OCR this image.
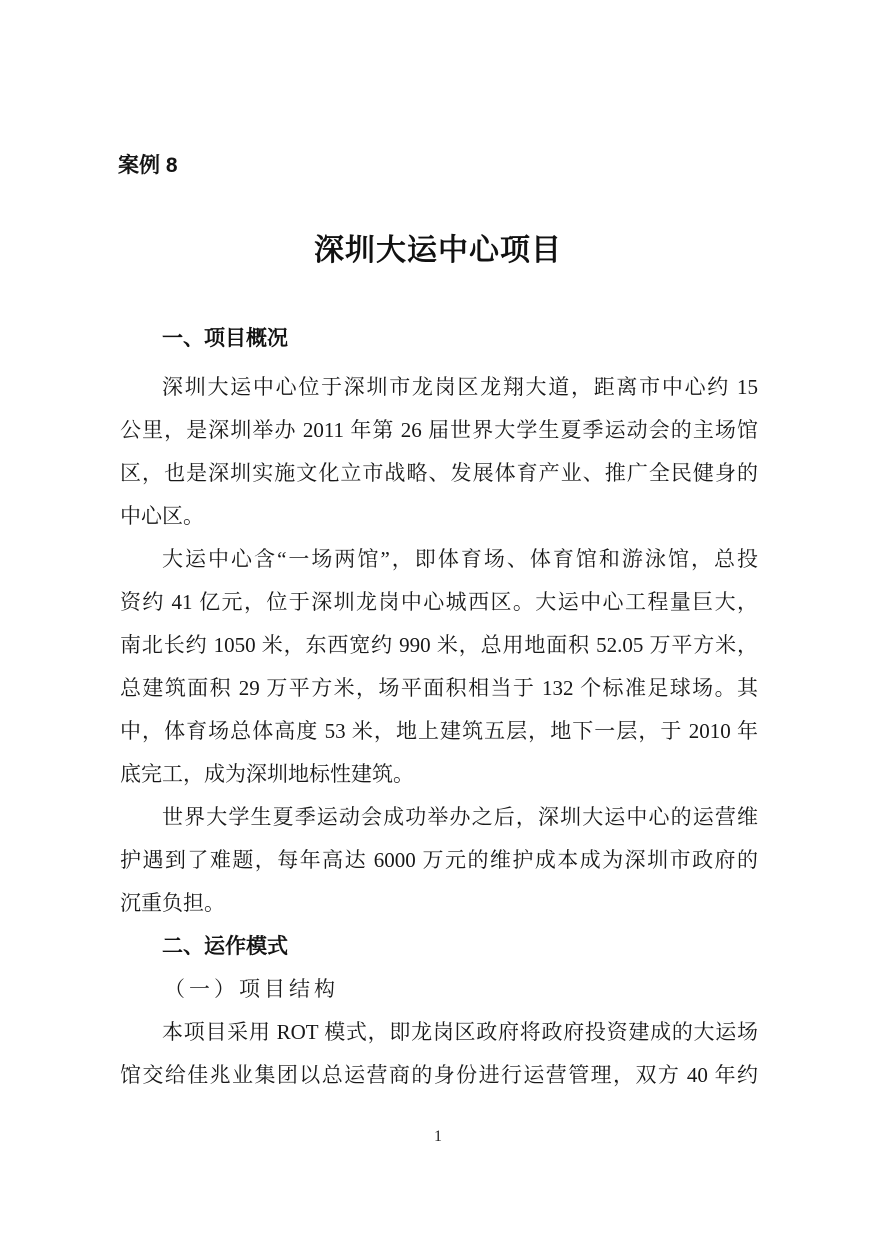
案例 8
深圳大运中心项目
一、项目概况
深圳大运中心位于深圳市龙岗区龙翔大道，距离市中心约 15
公里，是深圳举办 2011 年第 26 届世界大学生夏季运动会的主场馆
区，也是深圳实施文化立市战略、发展体育产业、推广全民健身的
中心区。
大运中心含“一场两馆”，即体育场、体育馆和游泳馆，总投
资约 41 亿元，位于深圳龙岗中心城西区。大运中心工程量巨大，
南北长约 1050 米，东西宽约 990 米，总用地面积 52.05 万平方米，
总建筑面积 29 万平方米，场平面积相当于 132 个标准足球场。其
中，体育场总体高度 53 米，地上建筑五层，地下一层，于 2010 年
底完工，成为深圳地标性建筑。
世界大学生夏季运动会成功举办之后，深圳大运中心的运营维
护遇到了难题，每年高达 6000 万元的维护成本成为深圳市政府的
沉重负担。
二、运作模式
（一）项目结构
本项目采用 ROT 模式，即龙岗区政府将政府投资建成的大运场
馆交给佳兆业集团以总运营商的身份进行运营管理，双方 40 年约
1
